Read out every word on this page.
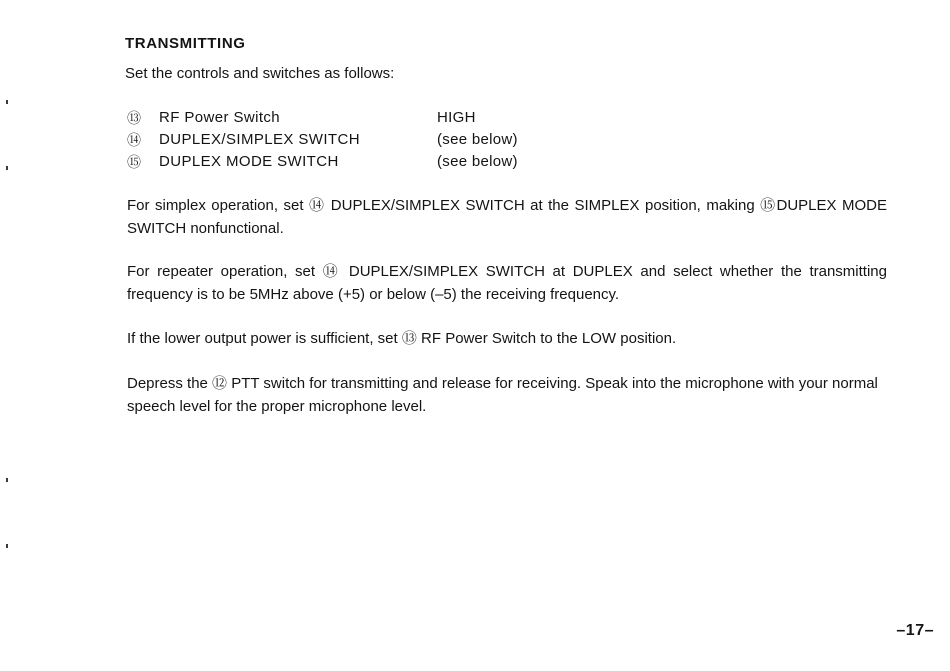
TRANSMITTING
Set the controls and switches as follows:
⑬ RF Power Switch	HIGH
⑭ DUPLEX/SIMPLEX SWITCH	(see below)
⑮ DUPLEX MODE SWITCH	(see below)

For simplex operation, set ⑭ DUPLEX/SIMPLEX SWITCH at the SIMPLEX position, making ⑮DUPLEX MODE SWITCH nonfunctional.

For repeater operation, set ⑭ DUPLEX/SIMPLEX SWITCH at DUPLEX and select whether the transmitting frequency is to be 5MHz above (+5) or below (–5) the receiving frequency.

If the lower output power is sufficient, set ⑬ RF Power Switch to the LOW position.

Depress the ⑫ PTT switch for transmitting and release for receiving. Speak into the microphone with your normal speech level for the proper microphone level.

–17–
